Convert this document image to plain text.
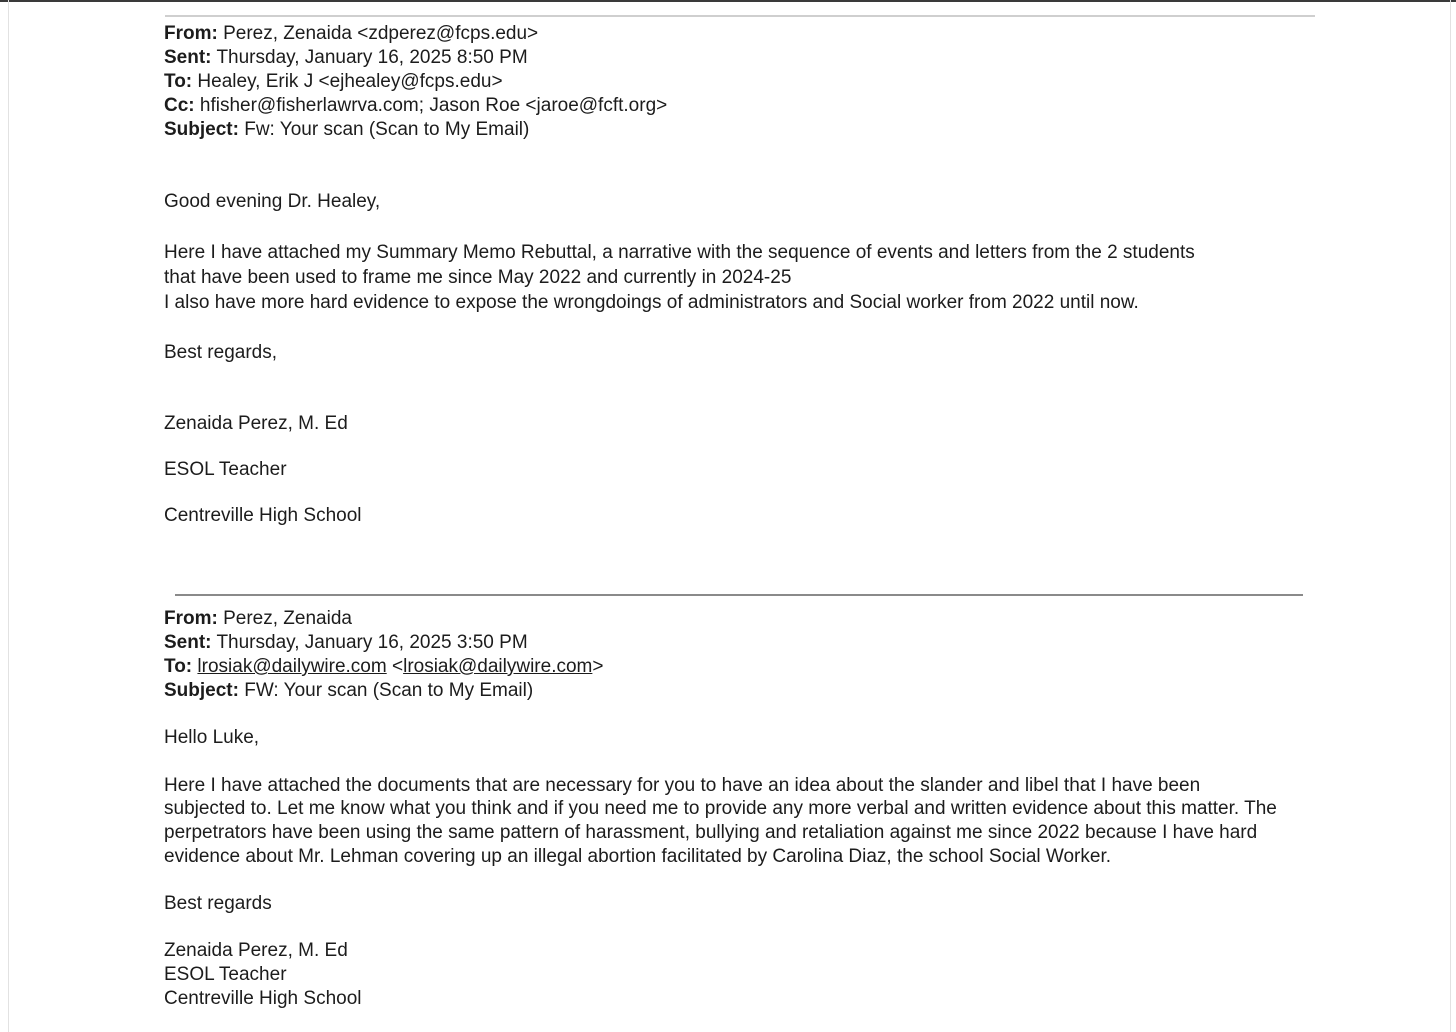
From: Perez, Zenaida <zdperez@fcps.edu>
Sent: Thursday, January 16, 2025 8:50 PM
To: Healey, Erik J <ejhealey@fcps.edu>
Cc: hfisher@fisherlawrva.com; Jason Roe <jaroe@fcft.org>
Subject: Fw: Your scan (Scan to My Email)
Good evening Dr. Healey,
Here I have attached my Summary Memo Rebuttal, a narrative with the sequence of events and letters from the 2 students
that have been used to frame me since May 2022 and currently in 2024-25
I also have more hard evidence to expose the wrongdoings of administrators and Social worker from 2022 until now.
Best regards,
Zenaida Perez, M. Ed
ESOL Teacher
Centreville High School
From: Perez, Zenaida
Sent: Thursday, January 16, 2025 3:50 PM
To: lrosiak@dailywire.com <lrosiak@dailywire.com>
Subject: FW: Your scan (Scan to My Email)
Hello Luke,
Here I have attached the documents that are necessary for you to have an idea about the slander and libel that I have been
subjected to. Let me know what you think and if you need me to provide any more verbal and written evidence about this matter. The
perpetrators have been using the same pattern of harassment, bullying and retaliation against me since 2022 because I have hard
evidence about Mr. Lehman covering up an illegal abortion facilitated by Carolina Diaz, the school Social Worker.
Best regards
Zenaida Perez, M. Ed
ESOL Teacher
Centreville High School
